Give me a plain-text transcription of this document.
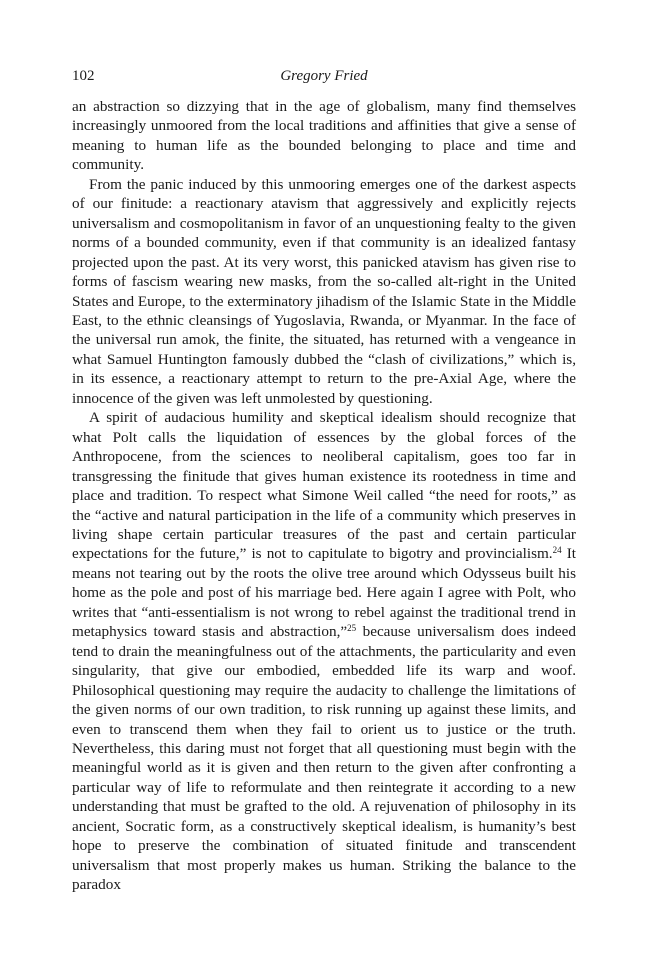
102	Gregory Fried

an abstraction so dizzying that in the age of globalism, many find themselves increasingly unmoored from the local traditions and affinities that give a sense of meaning to human life as the bounded belonging to place and time and community.

From the panic induced by this unmooring emerges one of the darkest aspects of our finitude: a reactionary atavism that aggressively and explicitly rejects universalism and cosmopolitanism in favor of an unquestioning fealty to the given norms of a bounded community, even if that community is an idealized fantasy projected upon the past. At its very worst, this panicked atavism has given rise to forms of fascism wearing new masks, from the so-called alt-right in the United States and Europe, to the exterminatory jihadism of the Islamic State in the Middle East, to the ethnic cleansings of Yugoslavia, Rwanda, or Myanmar. In the face of the universal run amok, the finite, the situated, has returned with a vengeance in what Samuel Huntington famously dubbed the “clash of civilizations,” which is, in its essence, a reactionary attempt to return to the pre-Axial Age, where the innocence of the given was left unmolested by questioning.

A spirit of audacious humility and skeptical idealism should recognize that what Polt calls the liquidation of essences by the global forces of the Anthropocene, from the sciences to neoliberal capitalism, goes too far in transgressing the finitude that gives human existence its rootedness in time and place and tradition. To respect what Simone Weil called “the need for roots,” as the “active and natural participation in the life of a community which preserves in living shape certain particular treasures of the past and certain particular expectations for the future,” is not to capitulate to bigotry and provincialism.$^{24}$ It means not tearing out by the roots the olive tree around which Odysseus built his home as the pole and post of his marriage bed. Here again I agree with Polt, who writes that “anti-essentialism is not wrong to rebel against the traditional trend in metaphysics toward stasis and abstraction,”$^{25}$ because universalism does indeed tend to drain the meaningfulness out of the attachments, the particularity and even singularity, that give our embodied, embedded life its warp and woof. Philosophical questioning may require the audacity to challenge the limitations of the given norms of our own tradition, to risk running up against these limits, and even to transcend them when they fail to orient us to justice or the truth. Nevertheless, this daring must not forget that all questioning must begin with the meaningful world as it is given and then return to the given after confronting a particular way of life to reformulate and then reintegrate it according to a new understanding that must be grafted to the old. A rejuvenation of philosophy in its ancient, Socratic form, as a constructively skeptical idealism, is humanity’s best hope to preserve the combination of situated finitude and transcendent universalism that most properly makes us human. Striking the balance to the paradox
